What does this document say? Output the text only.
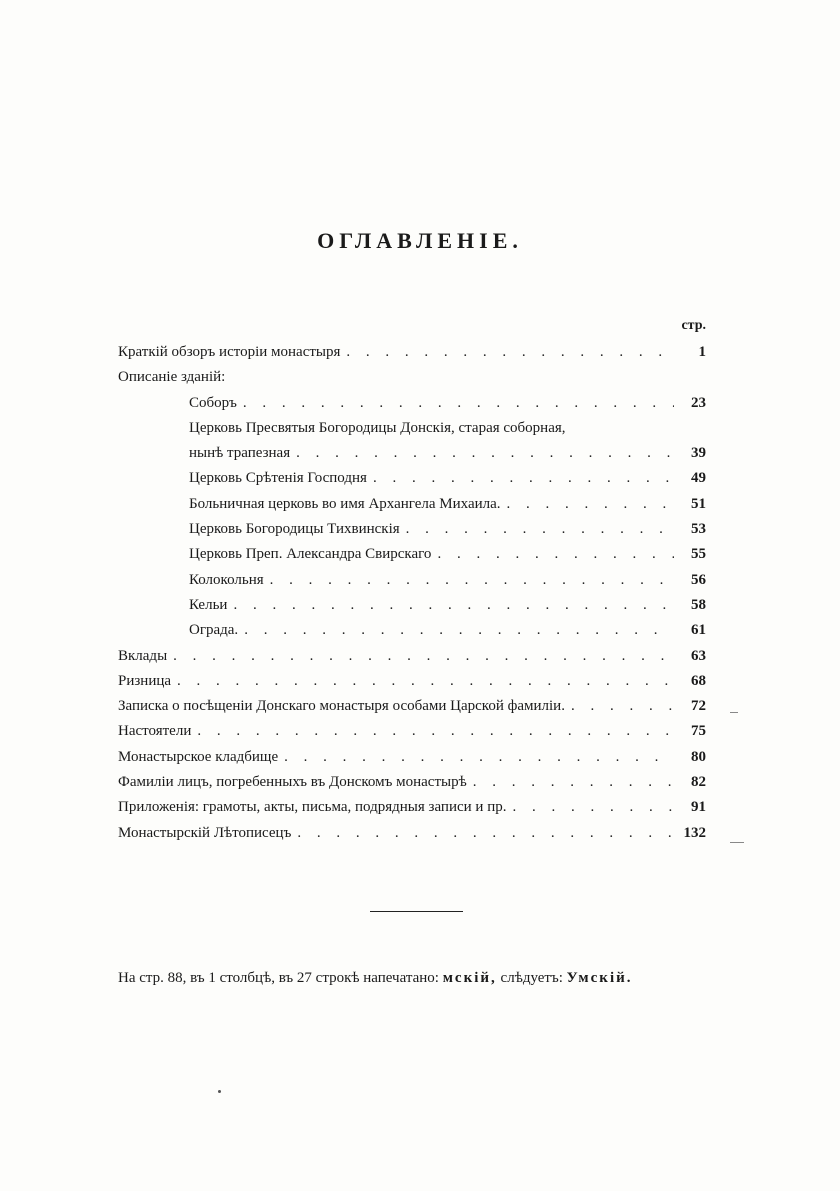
ОГЛАВЛЕНІЕ.
стр.
Краткій обзоръ исторіи монастыря . . .	1
Описаніе зданій:
Соборъ . . .	23
Церковь Пресвятыя Богородицы Донскія, старая соборная,
нынѣ трапезная . . .	39
Церковь Срѣтенія Господня . . .	49
Больничная церковь во имя Архангела Михаила. . . .	51
Церковь Богородицы Тихвинскія . . .	53
Церковь Преп. Александра Свирскаго . . .	55
Колокольня . . .	56
Кельи . . .	58
Ограда. . . .	61
Вклады . . .	63
Ризница . . .	68
Записка о посѣщеніи Донскаго монастыря особами Царской фамиліи. . . .	72
Настоятели . . .	75
Монастырское кладбище . . .	80
Фамиліи лицъ, погребенныхъ въ Донскомъ монастырѣ . . .	82
Приложенія: грамоты, акты, письма, подрядныя записи и пр. . . .	91
Монастырскій Лѣтописецъ . . .	132
На стр. 88, въ 1 столбцѣ, въ 27 строкѣ напечатано: мскій, слѣдуетъ: Умскій.
